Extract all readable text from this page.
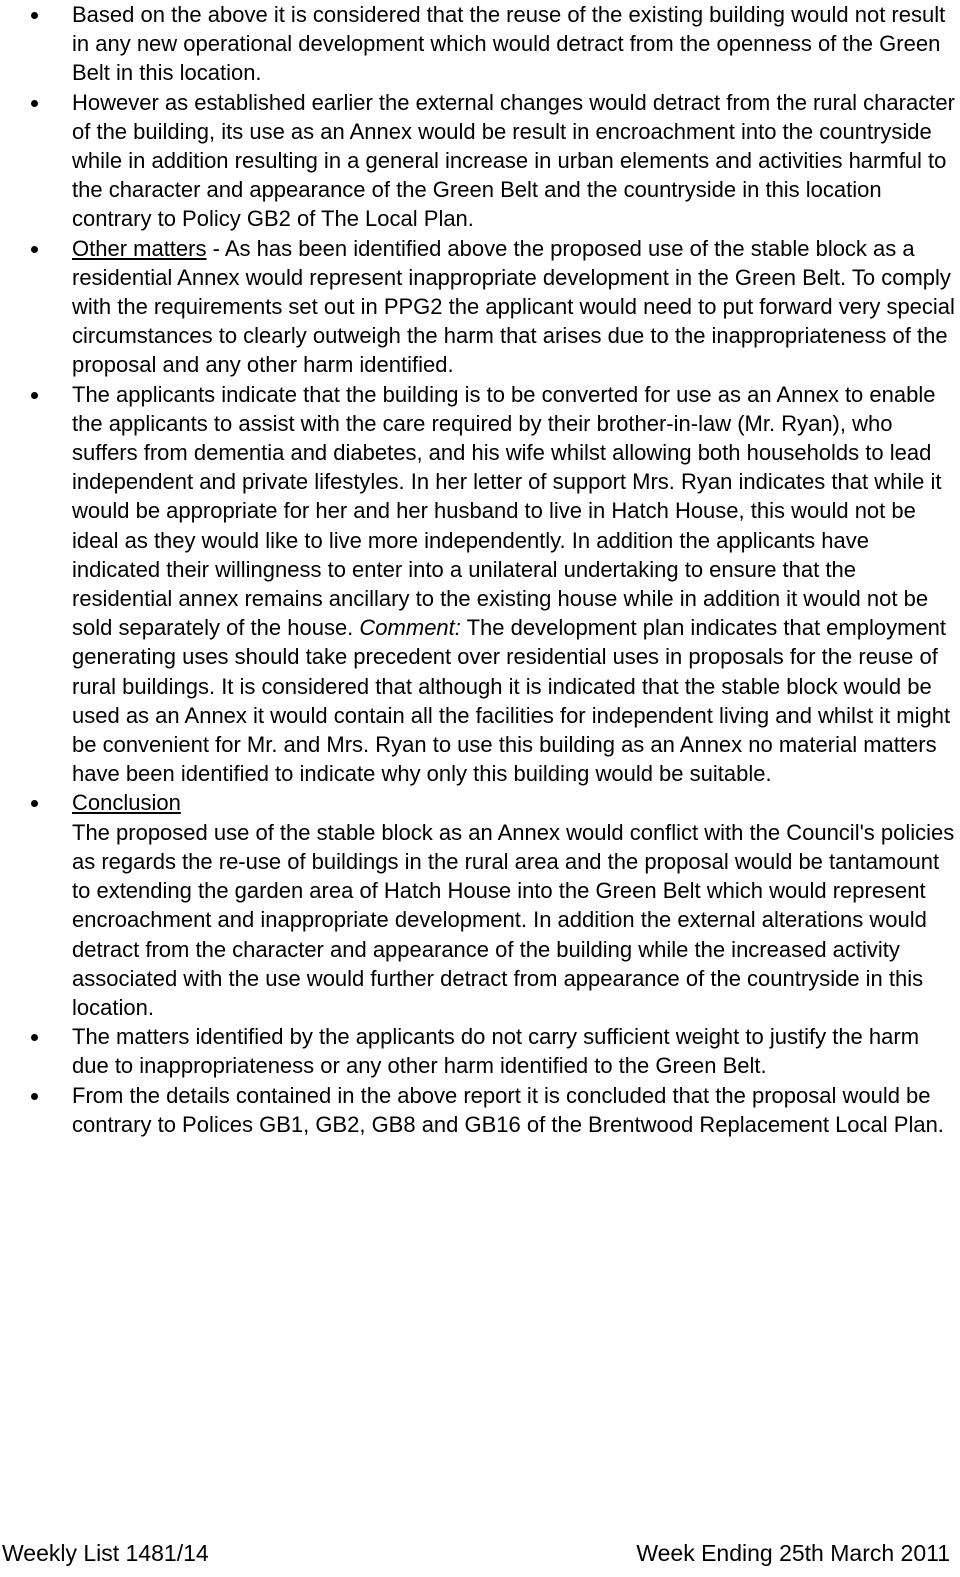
Based on the above it is considered that the reuse of the existing building would not result in any new operational development which would detract from the openness of the Green Belt in this location.

However as established earlier the external changes would detract from the rural character of the building, its use as an Annex would be result in encroachment into the countryside while in addition resulting in a general increase in urban elements and activities harmful to the character and appearance of the Green Belt and the countryside in this location contrary to Policy GB2 of The Local Plan.

Other matters - As has been identified above the proposed use of the stable block as a residential Annex would represent inappropriate development in the Green Belt. To comply with the requirements set out in PPG2 the applicant would need to put forward very special circumstances to clearly outweigh the harm that arises due to the inappropriateness of the proposal and any other harm identified.

The applicants indicate that the building is to be converted for use as an Annex to enable the applicants to assist with the care required by their brother-in-law (Mr. Ryan), who suffers from dementia and diabetes, and his wife whilst allowing both households to lead independent and private lifestyles. In her letter of support Mrs. Ryan indicates that while it would be appropriate for her and her husband to live in Hatch House, this would not be ideal as they would like to live more independently. In addition the applicants have indicated their willingness to enter into a unilateral undertaking to ensure that the residential annex remains ancillary to the existing house while in addition it would not be sold separately of the house. Comment: The development plan indicates that employment generating uses should take precedent over residential uses in proposals for the reuse of rural buildings. It is considered that although it is indicated that the stable block would be used as an Annex it would contain all the facilities for independent living and whilst it might be convenient for Mr. and Mrs. Ryan to use this building as an Annex no material matters have been identified to indicate why only this building would be suitable.

Conclusion
The proposed use of the stable block as an Annex would conflict with the Council's policies as regards the re-use of buildings in the rural area and the proposal would be tantamount to extending the garden area of Hatch House into the Green Belt which would represent encroachment and inappropriate development. In addition the external alterations would detract from the character and appearance of the building while the increased activity associated with the use would further detract from appearance of the countryside in this location.

The matters identified by the applicants do not carry sufficient weight to justify the harm due to inappropriateness or any other harm identified to the Green Belt.

From the details contained in the above report it is concluded that the proposal would be contrary to Polices GB1, GB2, GB8 and GB16 of the Brentwood Replacement Local Plan.

Weekly List 1481/14	Week Ending 25th March 2011
